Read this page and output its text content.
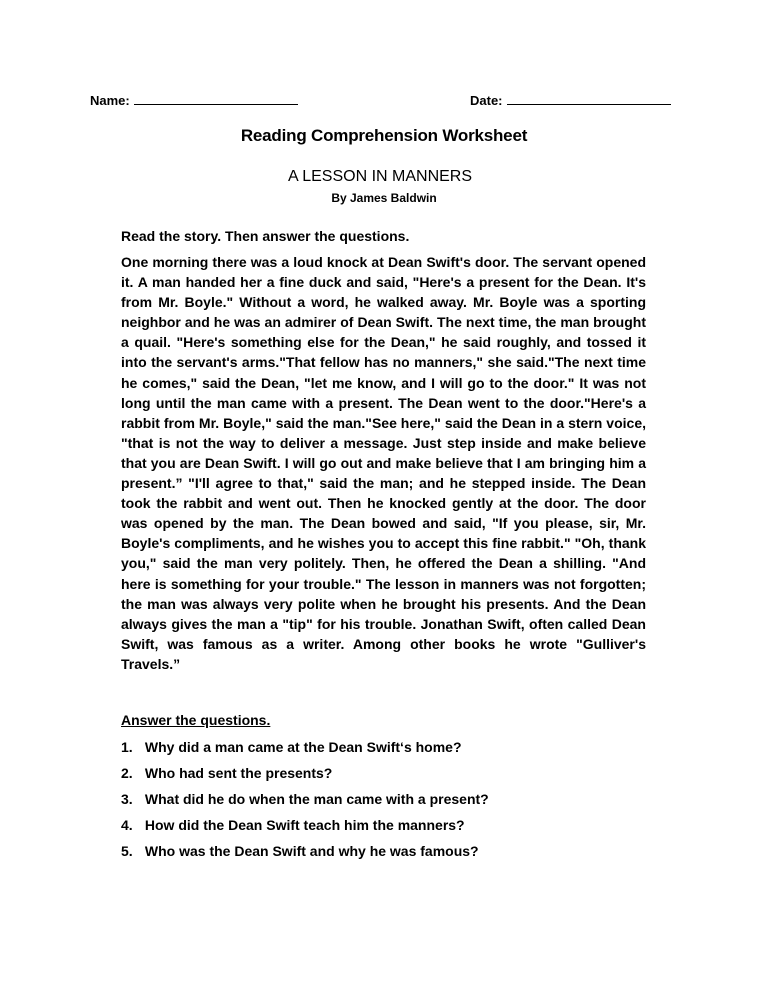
Name:	Date:
Reading Comprehension Worksheet
A LESSON IN MANNERS
By James Baldwin
Read the story. Then answer the questions.

One morning there was a loud knock at Dean Swift's door. The servant opened it. A man handed her a fine duck and said, "Here's a present for the Dean. It's from Mr. Boyle." Without a word, he walked away. Mr. Boyle was a sporting neighbor and he was an admirer of Dean Swift. The next time, the man brought a quail. "Here's something else for the Dean," he said roughly, and tossed it into the servant's arms."That fellow has no manners," she said."The next time he comes," said the Dean, "let me know, and I will go to the door." It was not long until the man came with a present. The Dean went to the door."Here's a rabbit from Mr. Boyle," said the man."See here," said the Dean in a stern voice, "that is not the way to deliver a message. Just step inside and make believe that you are Dean Swift. I will go out and make believe that I am bringing him a present.” "I'll agree to that," said the man; and he stepped inside. The Dean took the rabbit and went out. Then he knocked gently at the door. The door was opened by the man. The Dean bowed and said, "If you please, sir, Mr. Boyle's compliments, and he wishes you to accept this fine rabbit." "Oh, thank you," said the man very politely. Then, he offered the Dean a shilling. "And here is something for your trouble." The lesson in manners was not forgotten; the man was always very polite when he brought his presents. And the Dean always gives the man a "tip" for his trouble. Jonathan Swift, often called Dean Swift, was famous as a writer. Among other books he wrote "Gulliver's Travels.”

Answer the questions.
1. Why did a man came at the Dean Swift‘s home?
2. Who had sent the presents?
3. What did he do when the man came with a present?
4. How did the Dean Swift teach him the manners?
5. Who was the Dean Swift and why he was famous?
